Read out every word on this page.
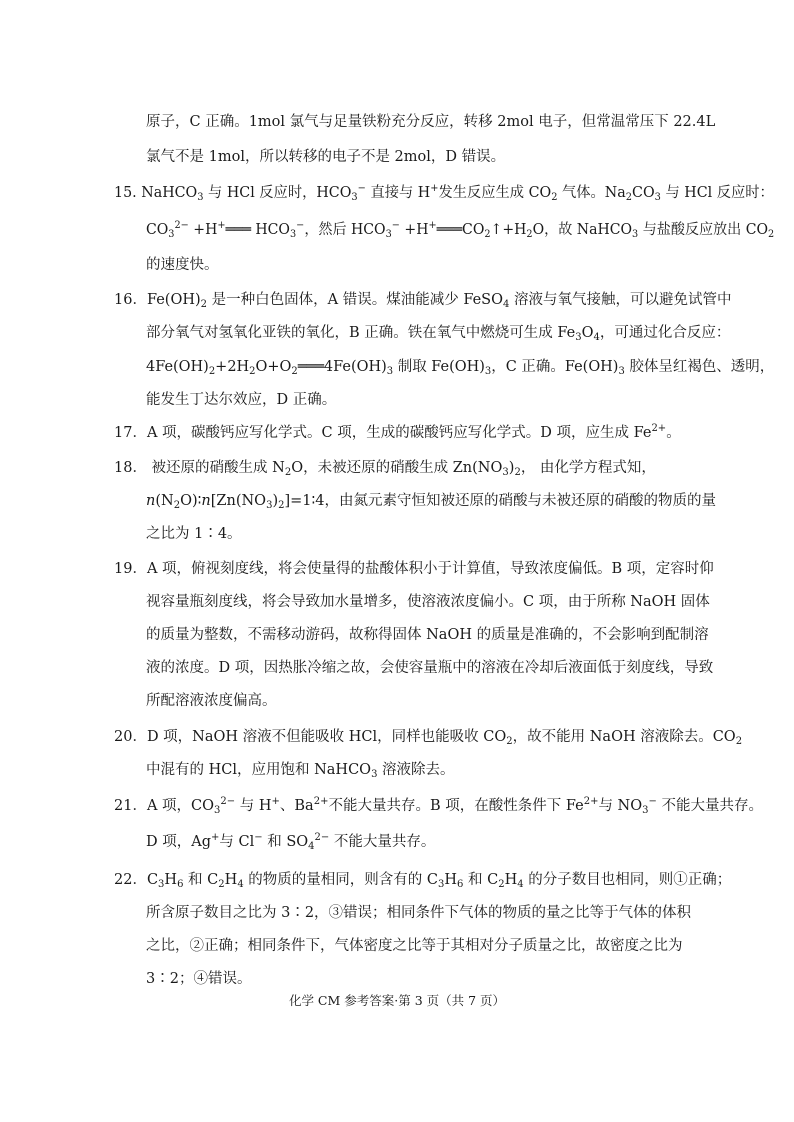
原子，C 正确。1mol 氯气与足量铁粉充分反应，转移 2mol 电子，但常温常压下 22.4L
氯气不是 1mol，所以转移的电子不是 2mol，D 错误。
15. NaHCO$_3$ 与 HCl 反应时，$HCO_3^-$ 直接与 H+发生反应生成 $CO_2$ 气体。$Na_2CO_3$ 与 HCl 反应时：
$CO_3^{2-}$ +H+═══ $HCO_3^-$，然后 $HCO_3^-$ $+H^+═══CO_2↑+H_2O$，故 NaHCO$_3$ 与盐酸反应放出 $CO_2$
的速度快。
16．$Fe(OH)_2$ 是一种白色固体，A 错误。煤油能减少 FeSO$_4$ 溶液与氧气接触，可以避免试管中
部分氧气对氢氧化亚铁的氧化，B 正确。铁在氧气中燃烧可生成 $Fe_3O_4$，可通过化合反应：
$4Fe(OH)_2+2H_2O+O_2═══4Fe(OH)_3$ 制取 $Fe(OH)_3$，C 正确。$Fe(OH)_3$ 胶体呈红褐色、透明，
能发生丁达尔效应，D 正确。
17．A 项，碳酸钙应写化学式。C 项，生成的碳酸钙应写化学式。D 项，应生成 $Fe^{2+}$。
18． 被还原的硝酸生成 $N_2O$，未被还原的硝酸生成 $Zn(NO_3)_2$， 由化学方程式知，
$n(N_2O)∶n[Zn(NO_3)_2]=1∶4$，由氮元素守恒知被还原的硝酸与未被还原的硝酸的物质的量
之比为 1∶4。
19．A 项，俯视刻度线，将会使量得的盐酸体积小于计算值，导致浓度偏低。B 项，定容时仰
视容量瓶刻度线，将会导致加水量增多，使溶液浓度偏小。C 项，由于所称 NaOH 固体
的质量为整数，不需移动游码，故称得固体 NaOH 的质量是准确的，不会影响到配制溶
液的浓度。D 项，因热胀冷缩之故，会使容量瓶中的溶液在冷却后液面低于刻度线，导致
所配溶液浓度偏高。
20．D 项，NaOH 溶液不但能吸收 HCl，同样也能吸收 $CO_2$，故不能用 NaOH 溶液除去。$CO_2$
中混有的 HCl，应用饱和 NaHCO$_3$ 溶液除去。
21．A 项，$CO_3^{2-}$ 与 H+、$Ba^{2+}$不能大量共存。B 项，在酸性条件下 $Fe^{2+}$与 $NO_3^-$ 不能大量共存。
D 项，Ag+与 Cl− 和 $SO_4^{2-}$ 不能大量共存。
22．$C_3H_6$ 和 $C_2H_4$ 的物质的量相同，则含有的 $C_3H_6$ 和 $C_2H_4$ 的分子数目也相同，则①正确；
所含原子数目之比为 3∶2，③错误；相同条件下气体的物质的量之比等于气体的体积
之比，②正确；相同条件下，气体密度之比等于其相对分子质量之比，故密度之比为
3∶2；④错误。
化学 CM 参考答案·第 3 页（共 7 页）
